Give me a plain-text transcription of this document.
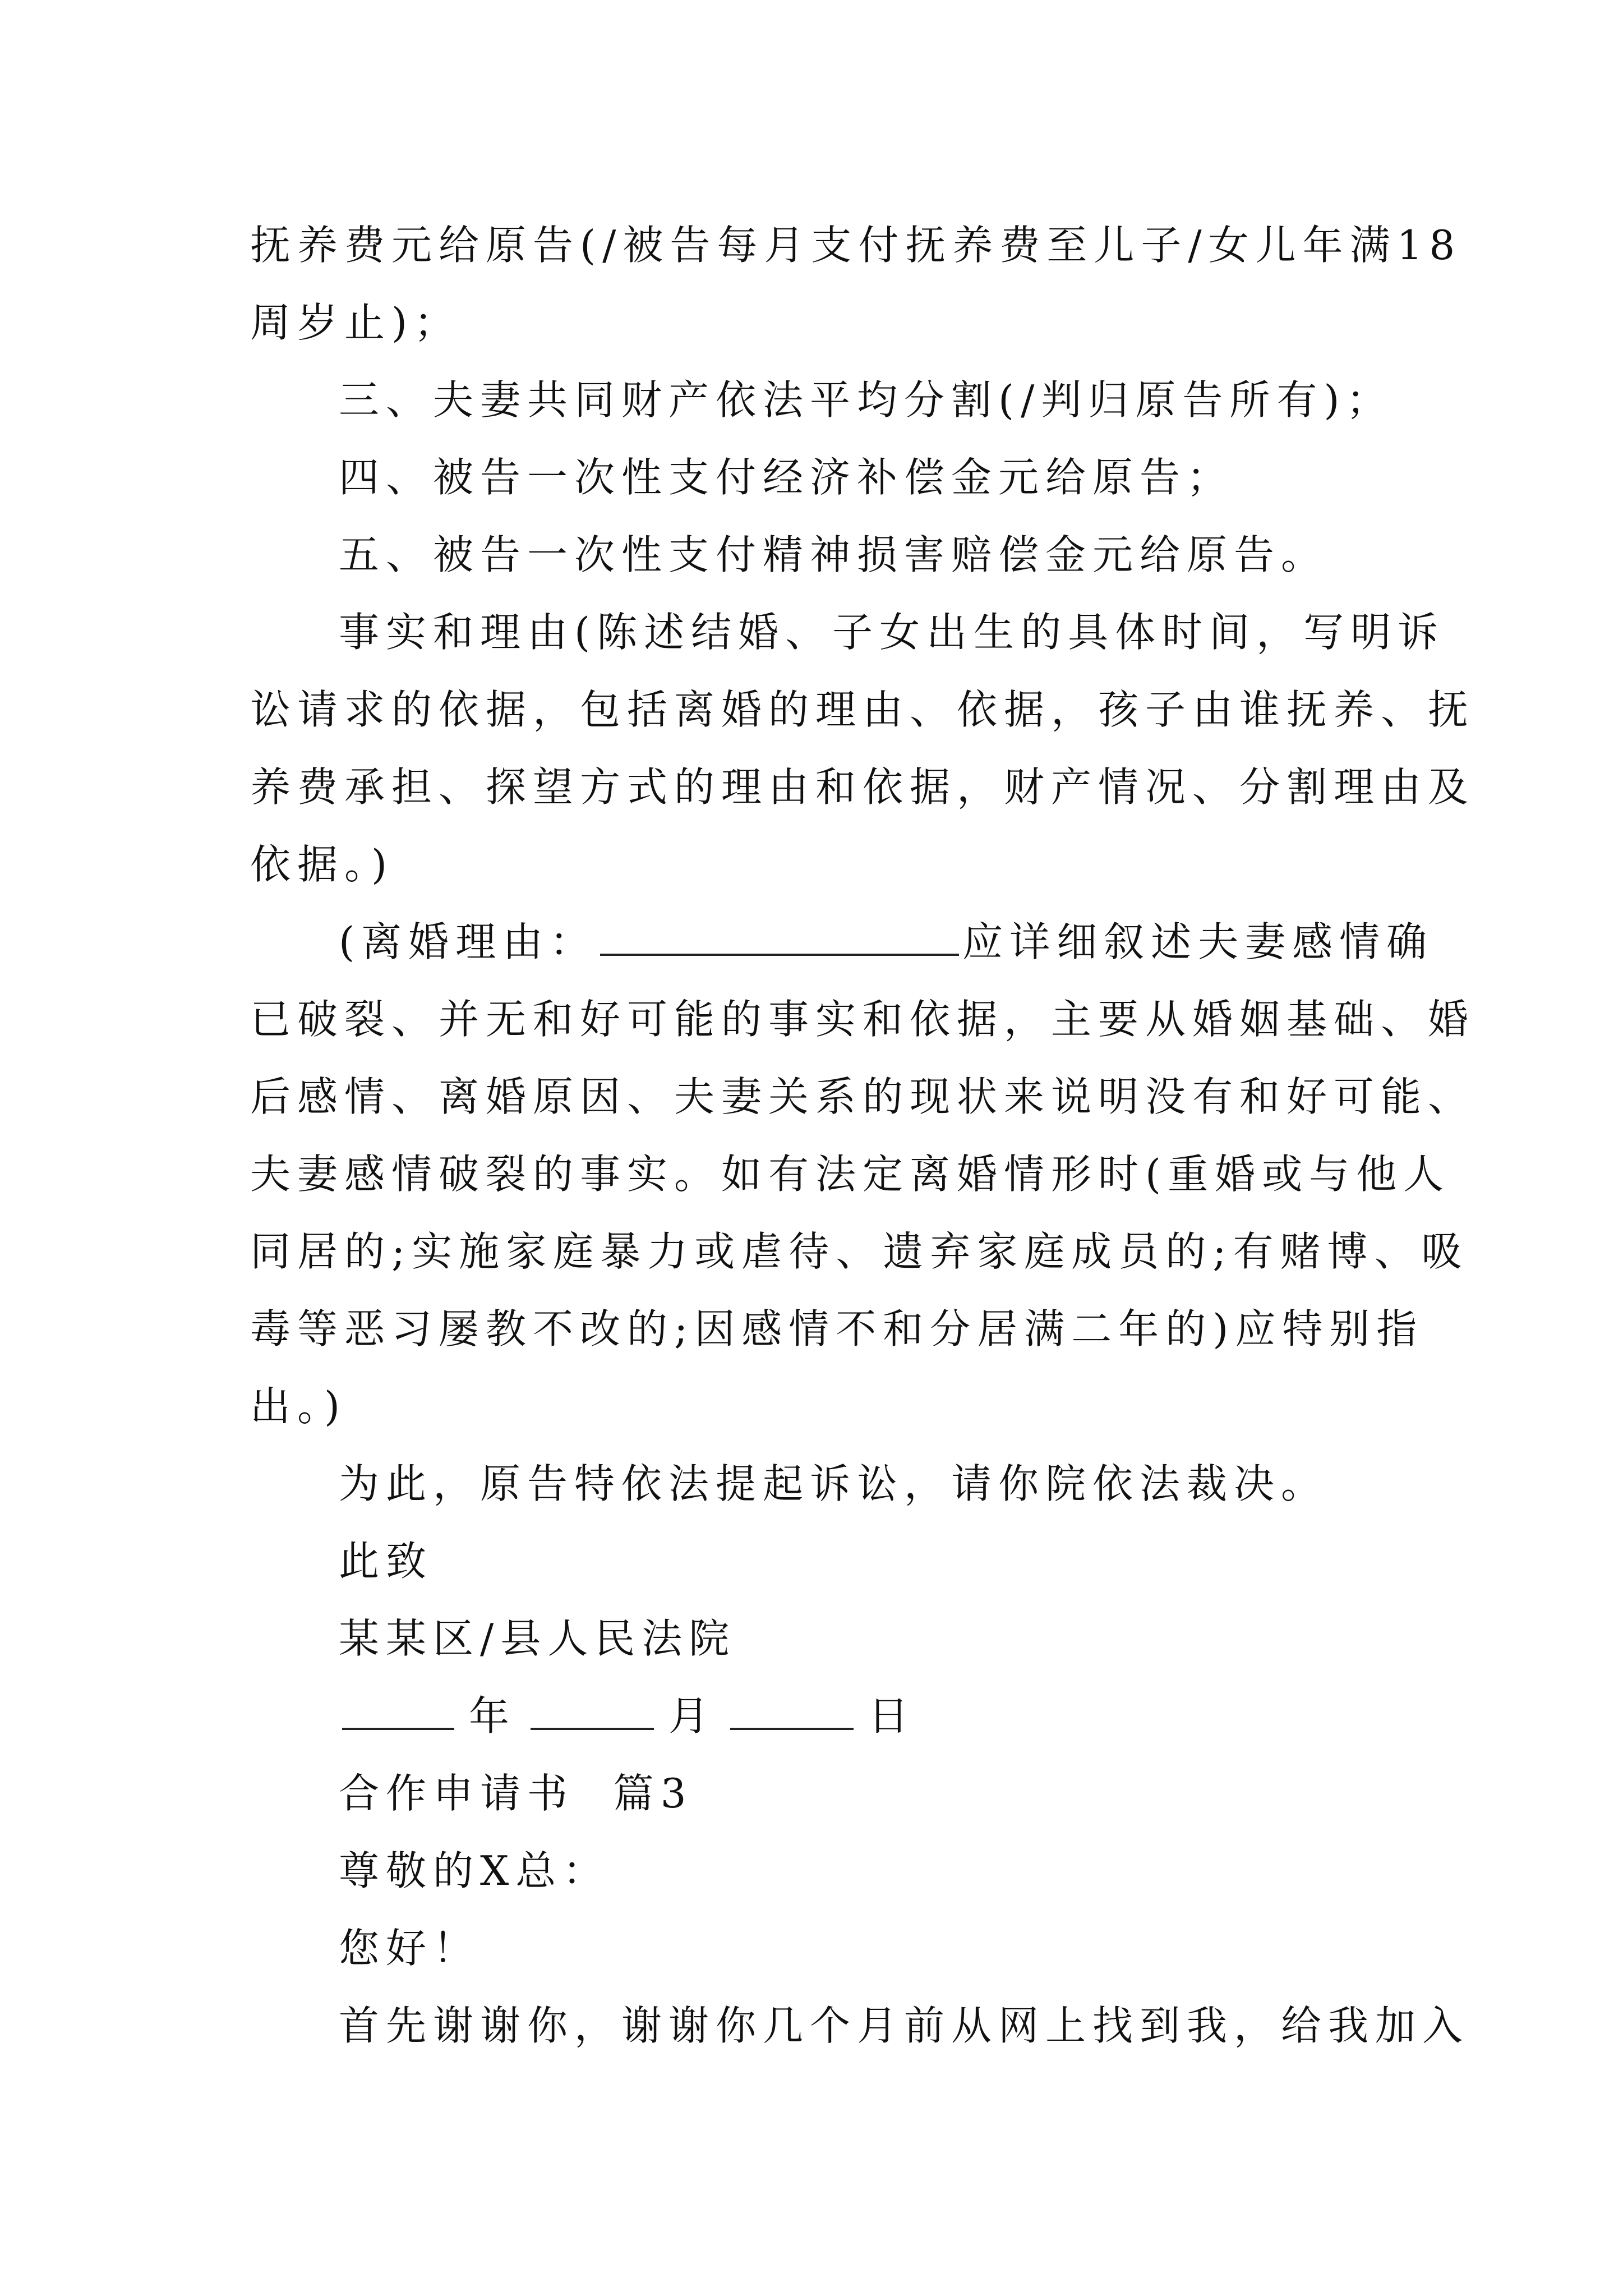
抚养费元给原告(/被告每月支付抚养费至儿子/女儿年满18
周岁止)；
三、夫妻共同财产依法平均分割(/判归原告所有)；
四、被告一次性支付经济补偿金元给原告；
五、被告一次性支付精神损害赔偿金元给原告。
事实和理由(陈述结婚、子女出生的具体时间，写明诉
讼请求的依据，包括离婚的理由、依据，孩子由谁抚养、抚
养费承担、探望方式的理由和依据，财产情况、分割理由及
依据。)
(离婚理由：	应详细叙述夫妻感情确
已破裂、并无和好可能的事实和依据，主要从婚姻基础、婚
后感情、离婚原因、夫妻关系的现状来说明没有和好可能、
夫妻感情破裂的事实。如有法定离婚情形时(重婚或与他人
同居的;实施家庭暴力或虐待、遗弃家庭成员的;有赌博、吸
毒等恶习屡教不改的;因感情不和分居满二年的)应特别指
出。)
为此，原告特依法提起诉讼，请你院依法裁决。
此致
某某区/县人民法院
年	月	日
合作申请书  篇3
尊敬的X总：
您好！
首先谢谢你，谢谢你几个月前从网上找到我，给我加入
